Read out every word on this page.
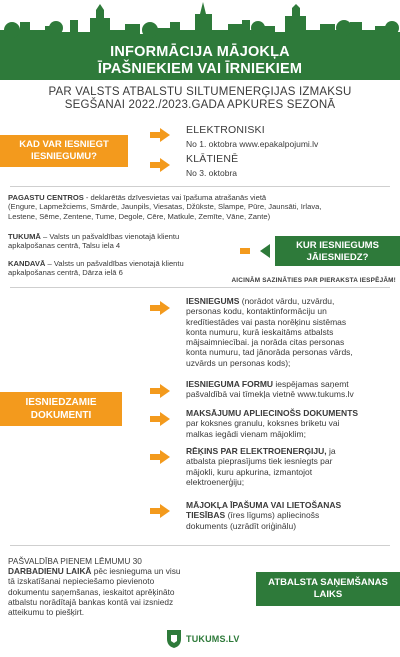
INFORMĀCIJA MĀJOKĻA
ĪPAŠNIEKIEM VAI ĪRNIEKIEM
PAR VALSTS ATBALSTU SILTUMENERĢIJAS IZMAKSU
SEGŠANAI 2022./2023.GADA APKURES SEZONĀ
KAD VAR IESNIEGT
IESNIEGUMU?
ELEKTRONISKI
No 1. oktobra www.epakalpojumi.lv
KLĀTIENĒ
No 3. oktobra
PAGASTU CENTROS - deklarētās dzīvesvietas vai īpašuma atrašanās vietā
(Engure, Lapmežciems, Smārde, Jaunpils, Viesatas, Džūkste, Slampe, Pūre, Jaunsāti, Irlava,
Lestene, Sēme, Zentene, Tume, Degole, Cēre, Matkule, Zemīte, Vāne, Zante)
TUKUMĀ – Valsts un pašvaldības vienotajā klientu
apkalpošanas centrā, Talsu iela 4	KUR IESNIEGUMS
JĀIESNIEDZ?
KANDAVĀ – Valsts un pašvaldības vienotajā klientu
apkalpošanas centrā, Dārza ielā 6
AICINĀM SAZINĀTIES PAR PIERAKSTA IESPĒJĀM!
IESNIEDZAMIE
DOKUMENTI
IESNIEGUMS (norādot vārdu, uzvārdu,
personas kodu, kontaktinformāciju un
kredītiestādes vai pasta norēķinu sistēmas
konta numuru, kurā ieskaitāms atbalsts
mājsaimniecībai. ja norāda citas personas
konta numuru, tad jānorāda personas vārds,
uzvārds un personas kods);
IESNIEGUMA FORMU iespējamas saņemt
pašvaldībā vai tīmekļa vietnē www.tukums.lv
MAKSĀJUMU APLIECINOŠS DOKUMENTS
par koksnes granulu, koksnes briketu vai
malkas iegādi vienam mājoklim;
RĒĶINS PAR ELEKTROENERĢIJU, ja
atbalsta pieprasījums tiek iesniegts par
mājokli, kuru apkurina, izmantojot
elektroenerģiju;
MĀJOKĻA ĪPAŠUMA VAI LIETOŠANAS
TIESĪBAS (īres līgums) apliecinošs
dokuments (uzrādīt oriģinālu)
PAŠVALDĪBA PIENEM LĒMUMU 30
DARBADIENU LAIKĀ pēc iesnieguma un visu
tā izskatīšanai nepieciešamo pievienoto
dokumentu saņemšanas, ieskaitot aprēķināto
atbalstu norādītajā bankas kontā vai izsniedz
atteikumu to piešķirt.
ATBALSTA SAŅEMŠANAS
LAIKS
TUKUMS.LV
